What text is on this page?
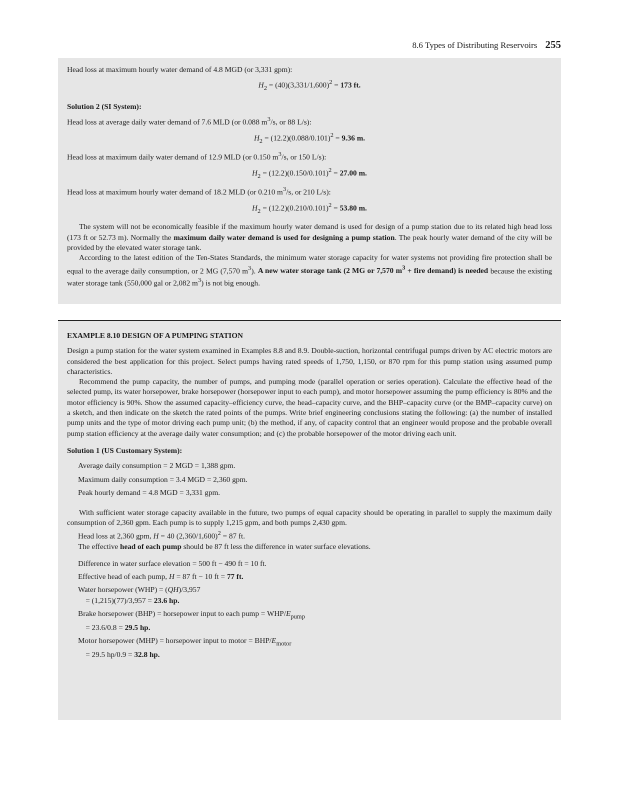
8.6 Types of Distributing Reservoirs 255

Head loss at maximum hourly water demand of 4.8 MGD (or 3,331 gpm):

$H_2 = (40)(3,331/1,600)^2 = 173$ ft.

Solution 2 (SI System):

Head loss at average daily water demand of 7.6 MLD (or 0.088 $m^3/s$, or 88 L/s):

$H_2 = (12.2)(0.088/0.101)^2 = 9.36$ m.

Head loss at maximum daily water demand of 12.9 MLD (or 0.150 $m^3/s$, or 150 L/s):

$H_2 = (12.2)(0.150/0.101)^2 = 27.00$ m.

Head loss at maximum hourly water demand of 18.2 MLD (or 0.210 $m^3/s$, or 210 L/s):

$H_2 = (12.2)(0.210/0.101)^2 = 53.80$ m.

The system will not be economically feasible if the maximum hourly water demand is used for design of a pump station due to its related high head loss (173 ft or 52.73 m). Normally the maximum daily water demand is used for designing a pump station. The peak hourly water demand of the city will be provided by the elevated water storage tank.

According to the latest edition of the Ten-States Standards, the minimum water storage capacity for water systems not providing fire protection shall be equal to the average daily consumption, or 2 MG (7,570 $m^3$). A new water storage tank (2 MG or 7,570 $m^3$ + fire demand) is needed because the existing water storage tank (550,000 gal or 2,082 $m^3$) is not big enough.

EXAMPLE 8.10 DESIGN OF A PUMPING STATION

Design a pump station for the water system examined in Examples 8.8 and 8.9. Double-suction, horizontal centrifugal pumps driven by AC electric motors are considered the best application for this project. Select pumps having rated speeds of 1,750, 1,150, or 870 rpm for this pump station using assumed pump characteristics.

Recommend the pump capacity, the number of pumps, and pumping mode (parallel operation or series operation). Calculate the effective head of the selected pump, its water horsepower, brake horsepower (horsepower input to each pump), and motor horsepower assuming the pump efficiency is 80% and the motor efficiency is 90%. Show the assumed capacity–efficiency curve, the head–capacity curve, and the BHP–capacity curve (or the BMP–capacity curve) on a sketch, and then indicate on the sketch the rated points of the pumps. Write brief engineering conclusions stating the following: (a) the number of installed pump units and the type of motor driving each pump unit; (b) the method, if any, of capacity control that an engineer would propose and the probable overall pump station efficiency at the average daily water consumption; and (c) the probable horsepower of the motor driving each unit.

Solution 1 (US Customary System):

Average daily consumption = 2 MGD = 1,388 gpm.

Maximum daily consumption = 3.4 MGD = 2,360 gpm.

Peak hourly demand = 4.8 MGD = 3,331 gpm.

With sufficient water storage capacity available in the future, two pumps of equal capacity should be operating in parallel to supply the maximum daily consumption of 2,360 gpm. Each pump is to supply 1,215 gpm, and both pumps 2,430 gpm.

Head loss at 2,360 gpm, H = 40 $(2,360/1,600)^2 = 87$ ft.

The effective head of each pump should be 87 ft less the difference in water surface elevations.

Difference in water surface elevation = 500 ft − 490 ft = 10 ft.

Effective head of each pump, H = 87 ft − 10 ft = 77 ft.

Water horsepower (WHP) = (QH)/3,957

= (1,215)(77)/3,957 = 23.6 hp.

Brake horsepower (BHP) = horsepower input to each pump = WHP/$E_{pump}$

= 23.6/0.8 = 29.5 hp.

Motor horsepower (MHP) = horsepower input to motor = BHP/$E_{motor}$

= 29.5 hp/0.9 = 32.8 hp.
